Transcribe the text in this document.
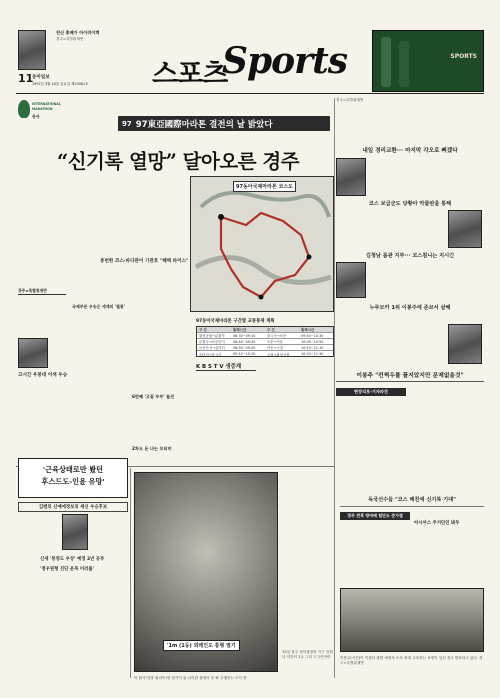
천신 홍폐가 아이러이켁
경주=특별취재반
11
동아일보
1997년 3월 16일 일요일 제23461호 스포츠
Sports	SPORTS
INTERNATIONAL
MARATHON
동아
97 97東亞國際마라톤 결전의 날 밝았다
“신기록 열망” 달아오른 경주
경주=특별취재반
내일 경리교환··· 마지막 각오로 뼈겠다
코스 보급군도 당황아 악물판울 통해
김청남 몸관 지부··· 코스침니는 지시긴
누루모카 1위 이봉주에 준브서 살해
이봉주 "컨쩍우를 플지았지만 문제없을것"
현장리포·기자파견
97동아국제마라톤 코스도
97동아국제마라톤 구간별 교통통제 계획
경주=특별취재반
고시간 우봉대 이색 우승
국제부문 우승은 세계의 '철통'
봉번한 코스·바디관이 기관호 "해맥 파이스"
6번째 '고질 부부' 돌진
2차도 돈 냐는 모티미
구 간	통제시간	구 간	통제시간
황성공원→분황사	08:30~09:10	불국사→보문	09:40~10:30
분황사→보문단지	08:40~09:30	보문→덕동	10:00~10:50
보문단지→숲머리	08:50~09:40	덕동→시청	10:10~11:10
숲머리→불국사	09:10~10:10	시청→황성공원	10:20~11:30
K B S T V 생중계
'근육상태로만 봤던
후스드도-인윤 유망'
김텐의 신예에정보의 세신 우승후보
신세 '봉영도 우상' 예정 2년 공부
'정우원형 진단 운목 미러를'
'1m (1등) 외레인도 통형 열기
이 환사가(클 필리이러) 참가지 위 나이런 출정의 봉 좌 추행하는 모사 중
13일 경주 청덕광장의 기구 인원 나 약간이 1등 그리 구고인아이
독국선수들 "코스 해친에 신기록 기대"
경주 전북 방마배 팀단도 준가점
아시아스 주거단인 봐두
이봉주(사진)이 이겼다 출발 예정자 도독 최대 교육하는 표정이 입선 경주 발표하고 있다. 경주=특별취재반
